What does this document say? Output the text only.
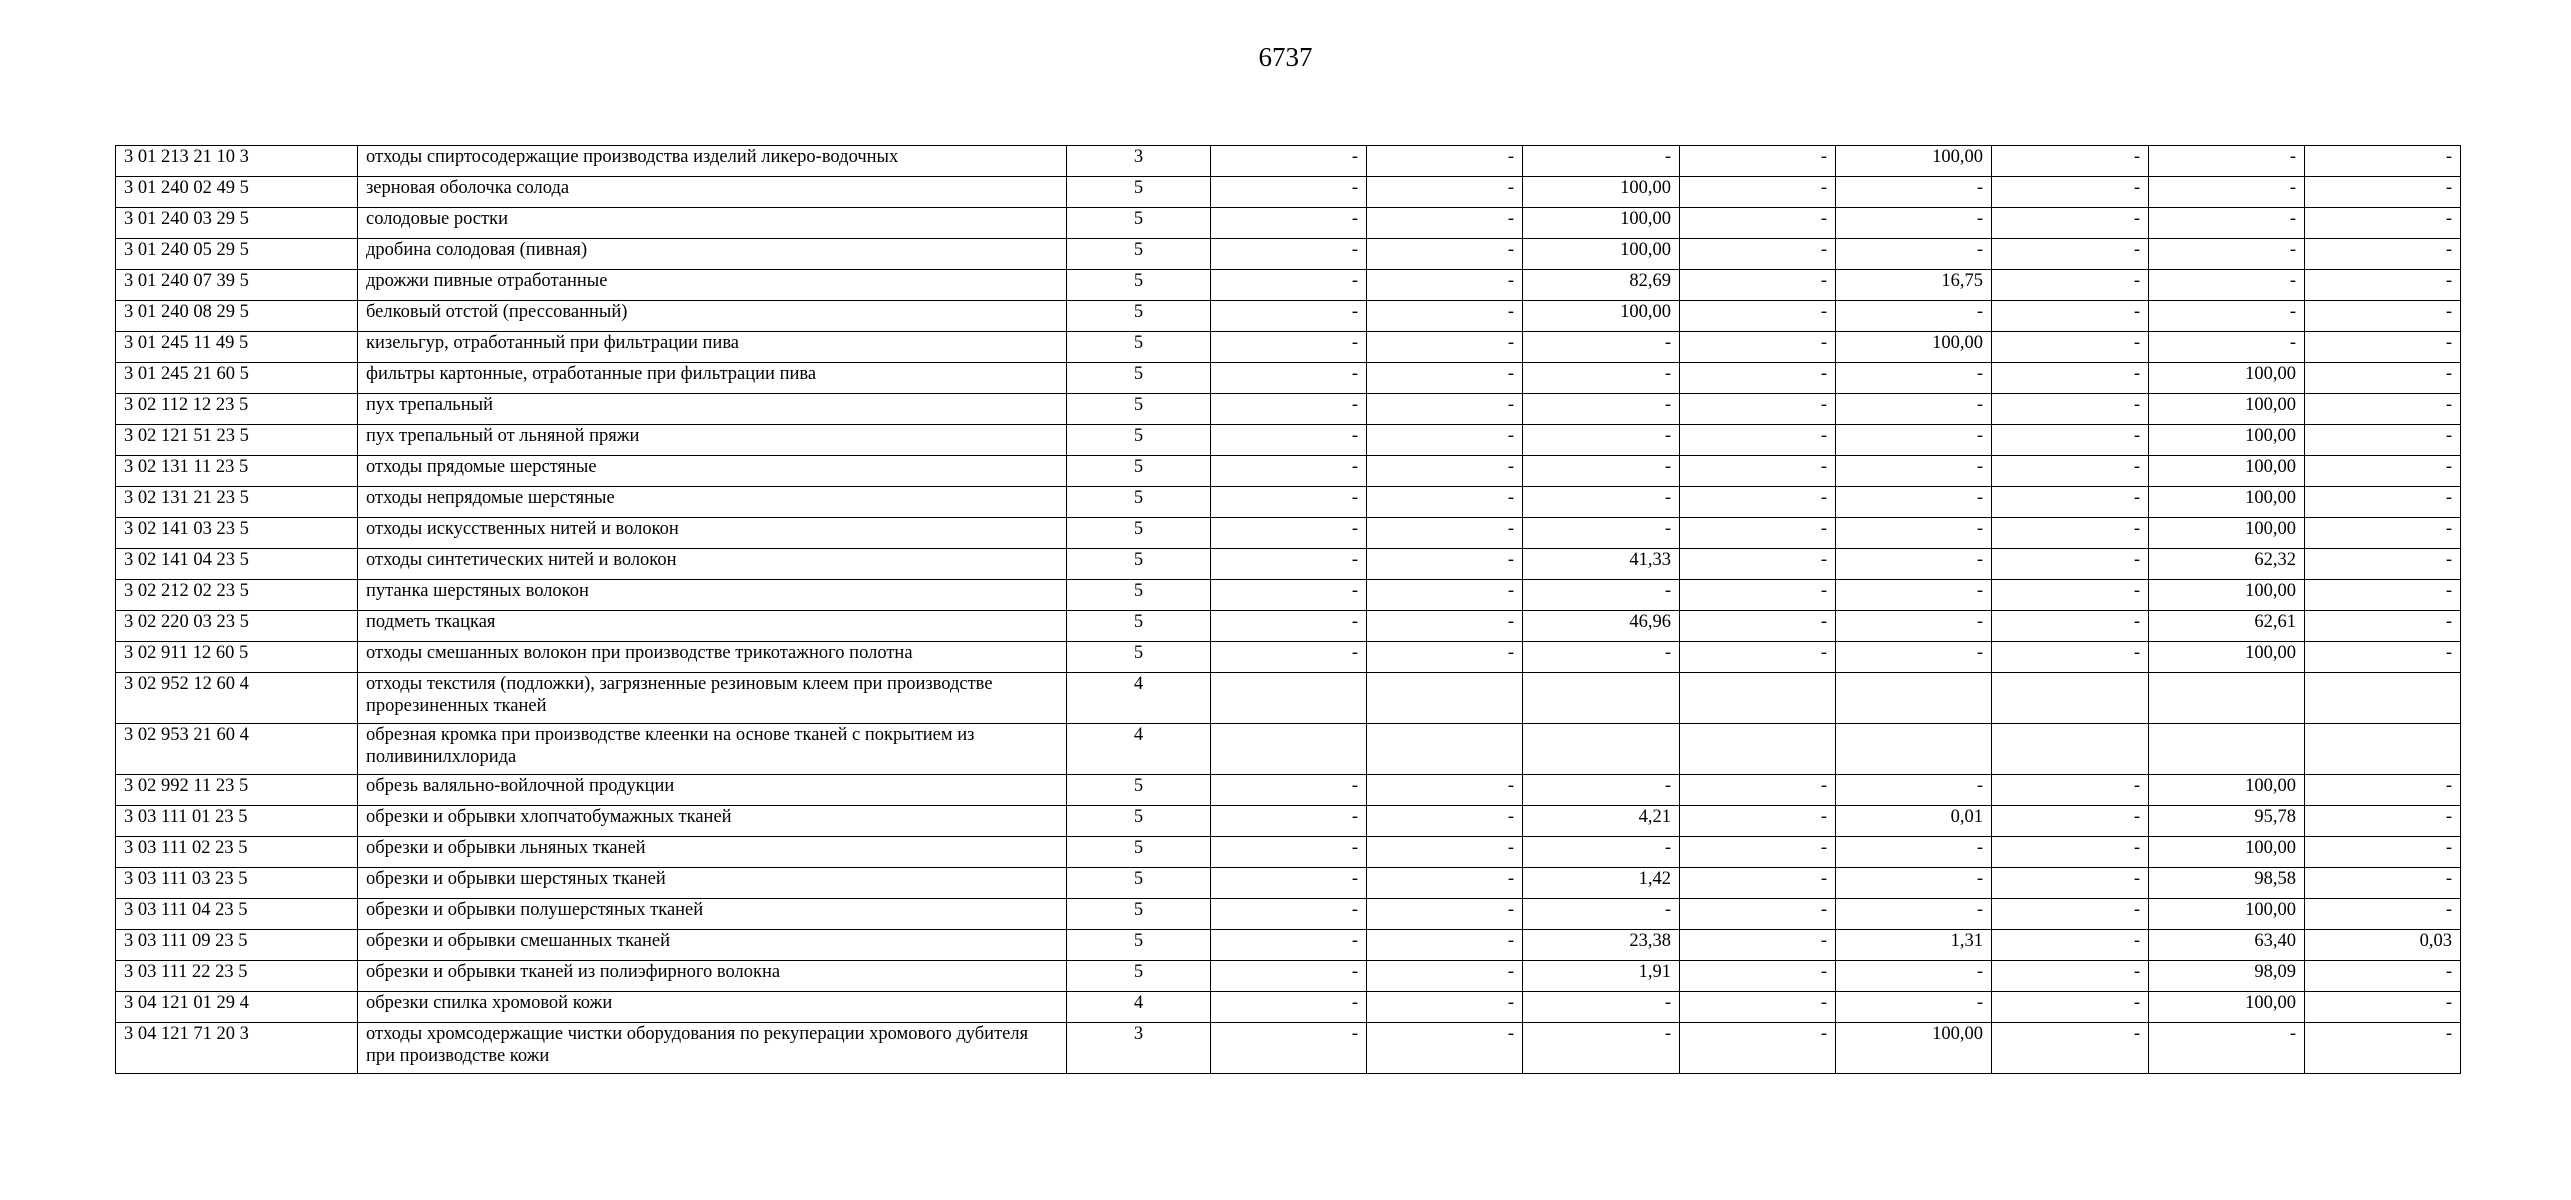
6737
3 01 213 21 10 3	отходы спиртосодержащие производства изделий ликеро-водочных	3	-	-	-	-	100,00	-	-	-
3 01 240 02 49 5	зерновая оболочка солода	5	-	-	100,00	-	-	-	-	-
3 01 240 03 29 5	солодовые ростки	5	-	-	100,00	-	-	-	-	-
3 01 240 05 29 5	дробина солодовая (пивная)	5	-	-	100,00	-	-	-	-	-
3 01 240 07 39 5	дрожжи пивные отработанные	5	-	-	82,69	-	16,75	-	-	-
3 01 240 08 29 5	белковый отстой (прессованный)	5	-	-	100,00	-	-	-	-	-
3 01 245 11 49 5	кизельгур, отработанный при фильтрации пива	5	-	-	-	-	100,00	-	-	-
3 01 245 21 60 5	фильтры картонные, отработанные при фильтрации пива	5	-	-	-	-	-	-	100,00	-
3 02 112 12 23 5	пух трепальный	5	-	-	-	-	-	-	100,00	-
3 02 121 51 23 5	пух трепальный от льняной пряжи	5	-	-	-	-	-	-	100,00	-
3 02 131 11 23 5	отходы прядомые шерстяные	5	-	-	-	-	-	-	100,00	-
3 02 131 21 23 5	отходы непрядомые шерстяные	5	-	-	-	-	-	-	100,00	-
3 02 141 03 23 5	отходы искусственных нитей и волокон	5	-	-	-	-	-	-	100,00	-
3 02 141 04 23 5	отходы синтетических нитей и волокон	5	-	-	41,33	-	-	-	62,32	-
3 02 212 02 23 5	путанка шерстяных волокон	5	-	-	-	-	-	-	100,00	-
3 02 220 03 23 5	подметь ткацкая	5	-	-	46,96	-	-	-	62,61	-
3 02 911 12 60 5	отходы смешанных волокон при производстве трикотажного полотна	5	-	-	-	-	-	-	100,00	-
3 02 952 12 60 4	отходы текстиля (подложки), загрязненные резиновым клеем при производстве прорезиненных тканей	4								
3 02 953 21 60 4	обрезная кромка при производстве клеенки на основе тканей с покрытием из поливинилхлорида	4								
3 02 992 11 23 5	обрезь валяльно-войлочной продукции	5	-	-	-	-	-	-	100,00	-
3 03 111 01 23 5	обрезки и обрывки хлопчатобумажных тканей	5	-	-	4,21	-	0,01	-	95,78	-
3 03 111 02 23 5	обрезки и обрывки льняных тканей	5	-	-	-	-	-	-	100,00	-
3 03 111 03 23 5	обрезки и обрывки шерстяных тканей	5	-	-	1,42	-	-	-	98,58	-
3 03 111 04 23 5	обрезки и обрывки полушерстяных тканей	5	-	-	-	-	-	-	100,00	-
3 03 111 09 23 5	обрезки и обрывки смешанных тканей	5	-	-	23,38	-	1,31	-	63,40	0,03
3 03 111 22 23 5	обрезки и обрывки тканей из полиэфирного волокна	5	-	-	1,91	-	-	-	98,09	-
3 04 121 01 29 4	обрезки спилка хромовой кожи	4	-	-	-	-	-	-	100,00	-
3 04 121 71 20 3	отходы хромсодержащие чистки оборудования по рекуперации хромового дубителя при производстве кожи	3	-	-	-	-	100,00	-	-	-
